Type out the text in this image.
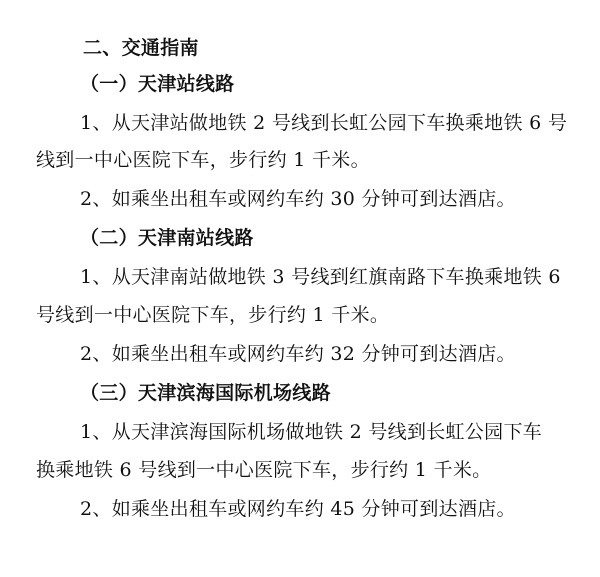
二、交通指南
（一）天津站线路
1、从天津站做地铁 2 号线到长虹公园下车换乘地铁 6 号
线到一中心医院下车，步行约 1 千米。
2、如乘坐出租车或网约车约 30 分钟可到达酒店。
（二）天津南站线路
1、从天津南站做地铁 3 号线到红旗南路下车换乘地铁 6
号线到一中心医院下车，步行约 1 千米。
2、如乘坐出租车或网约车约 32 分钟可到达酒店。
（三）天津滨海国际机场线路
1、从天津滨海国际机场做地铁 2 号线到长虹公园下车
换乘地铁 6 号线到一中心医院下车，步行约 1 千米。
2、如乘坐出租车或网约车约 45 分钟可到达酒店。
